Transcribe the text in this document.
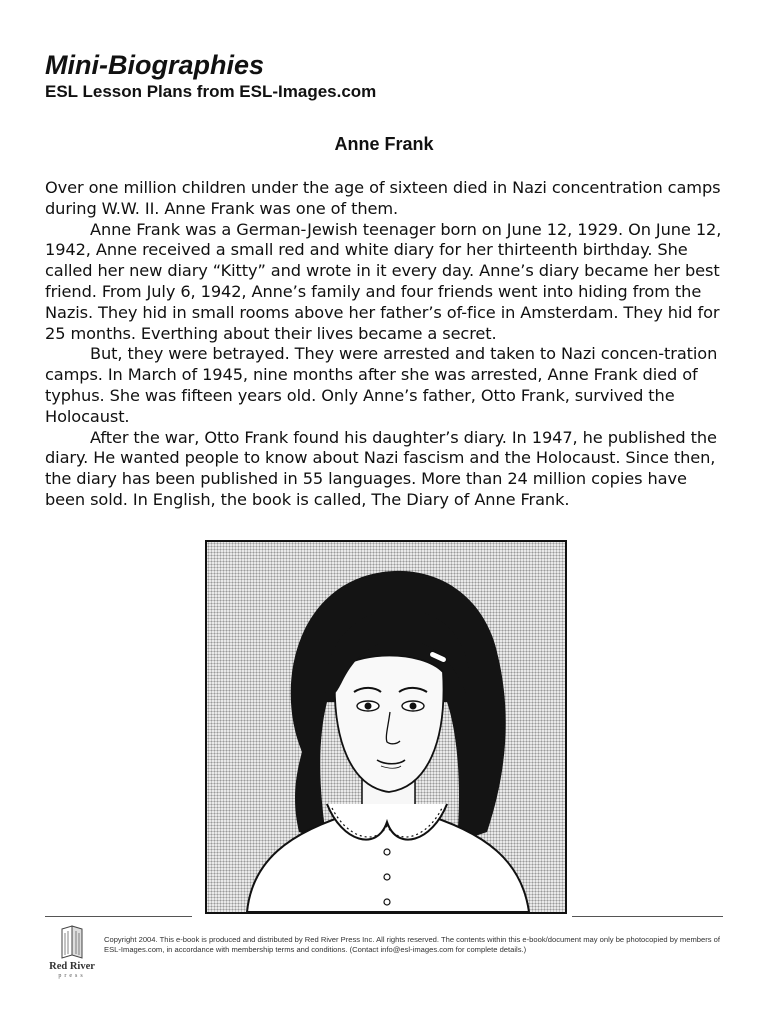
Mini-Biographies

ESL Lesson Plans from ESL-Images.com

Anne Frank

Over one million children under the age of sixteen died in Nazi concentration camps during W.W. II. Anne Frank was one of them.

Anne Frank was a German-Jewish teenager born on June 12, 1929. On June 12, 1942, Anne received a small red and white diary for her thirteenth birthday. She called her new diary “Kitty” and wrote in it every day. Anne’s diary became her best friend. From July 6, 1942, Anne’s family and four friends went into hiding from the Nazis. They hid in small rooms above her father’s of-fice in Amsterdam. They hid for 25 months. Everthing about their lives became a secret.

But, they were betrayed. They were arrested and taken to Nazi concen-tration camps. In March of 1945, nine months after she was arrested, Anne Frank died of typhus. She was fifteen years old. Only Anne’s father, Otto Frank, survived the Holocaust.

After the war, Otto Frank found his daughter’s diary. In 1947, he published the diary. He wanted people to know about Nazi fascism and the Holocaust. Since then, the diary has been published in 55 languages. More than 24 million copies have been sold. In English, the book is called, The Diary of Anne Frank.

Red River
press
Copyright 2004. This e-book is produced and distributed by Red River Press Inc. All rights reserved. The contents within this e-book/document may only be photocopied by members of ESL-Images.com, in accordance with membership terms and conditions. (Contact info@esl-images.com for complete details.)
